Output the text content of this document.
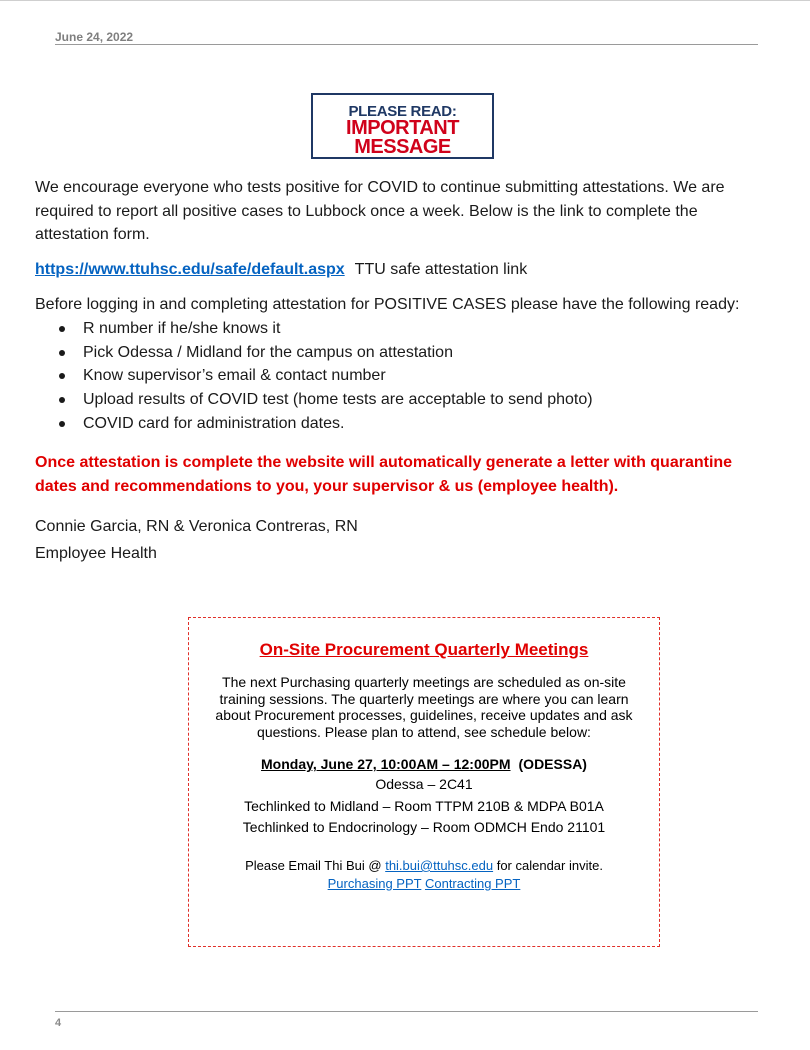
June 24, 2022
PLEASE READ:
IMPORTANT
MESSAGE
We encourage everyone who tests positive for COVID to continue submitting attestations. We are required to report all positive cases to Lubbock once a week. Below is the link to complete the attestation form.
https://www.ttuhsc.edu/safe/default.aspx TTU safe attestation link
Before logging in and completing attestation for POSITIVE CASES please have the following ready:
R number if he/she knows it
Pick Odessa / Midland for the campus on attestation
Know supervisor’s email & contact number
Upload results of COVID test (home tests are acceptable to send photo)
COVID card for administration dates.
Once attestation is complete the website will automatically generate a letter with quarantine dates and recommendations to you, your supervisor & us (employee health).
Connie Garcia, RN & Veronica Contreras, RN
Employee Health
On-Site Procurement Quarterly Meetings
The next Purchasing quarterly meetings are scheduled as on-site training sessions. The quarterly meetings are where you can learn about Procurement processes, guidelines, receive updates and ask questions. Please plan to attend, see schedule below:
Monday, June 27, 10:00AM – 12:00PM (ODESSA)
Odessa – 2C41
Techlinked to Midland – Room TTPM 210B & MDPA B01A
Techlinked to Endocrinology – Room ODMCH Endo 21101
Please Email Thi Bui @ thi.bui@ttuhsc.edu for calendar invite.
Purchasing PPT Contracting PPT
4
